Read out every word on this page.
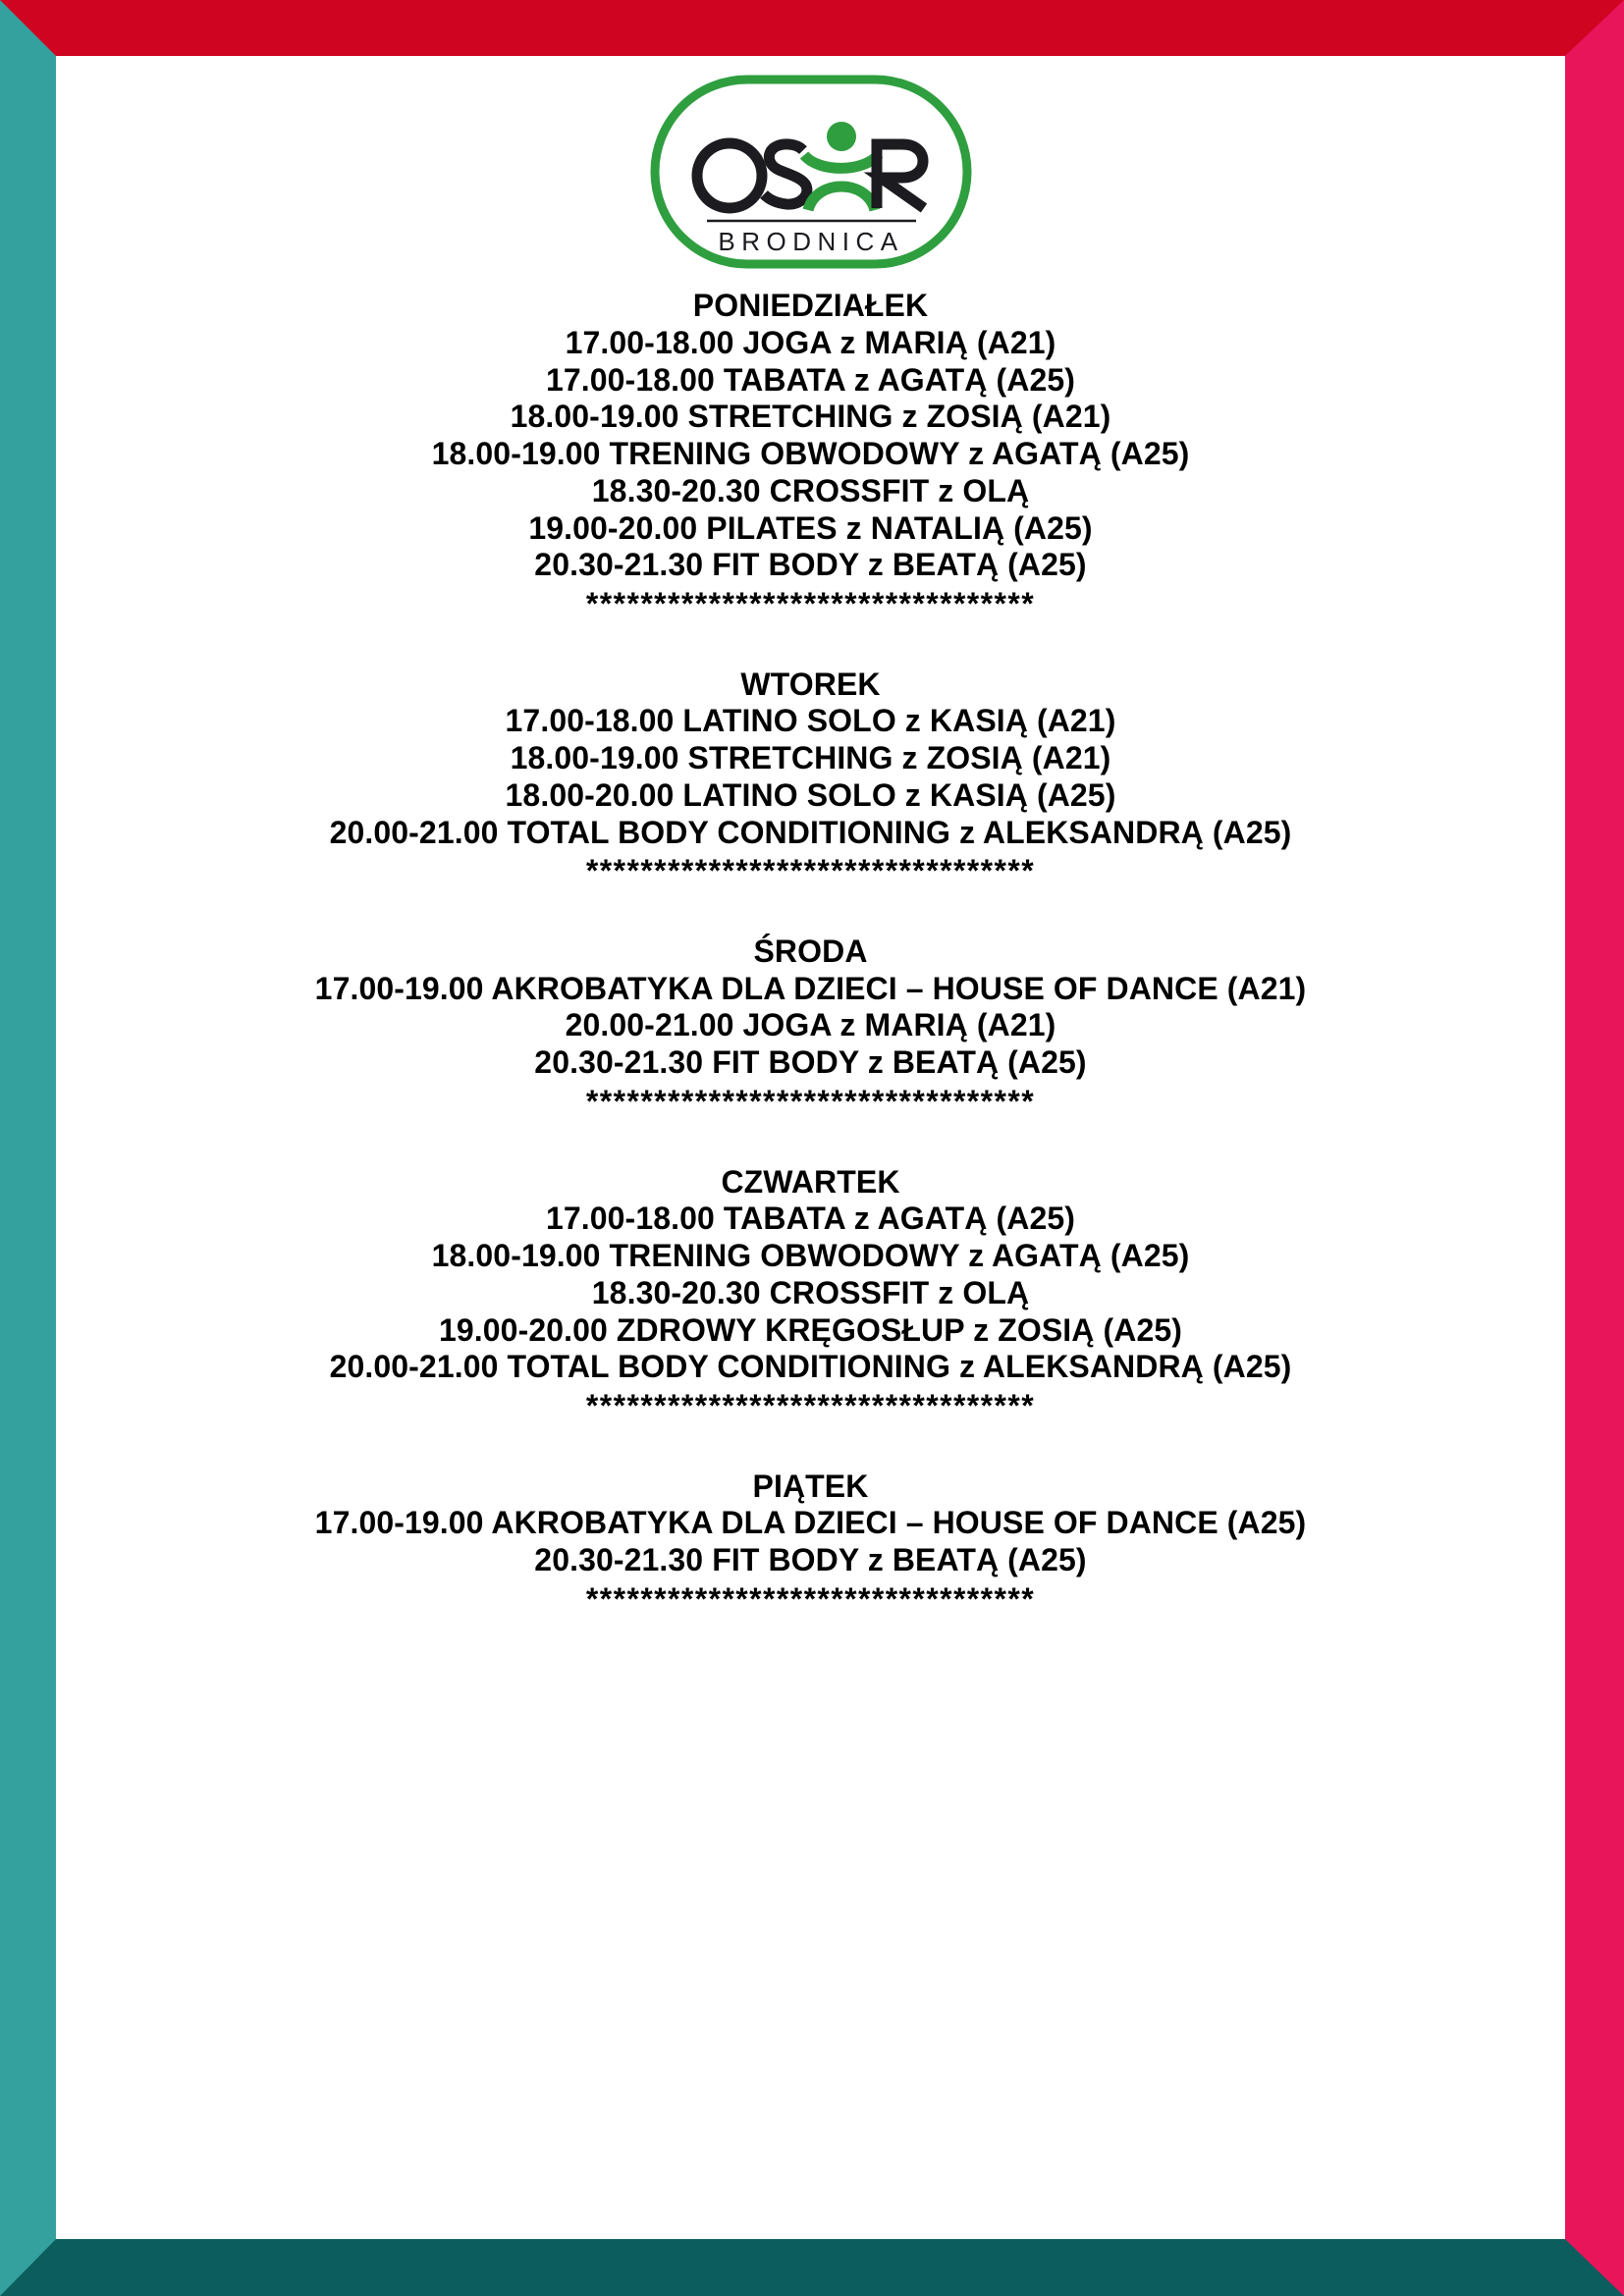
BRODNICA
PONIEDZIAŁEK
17.00-18.00 JOGA z MARIĄ (A21)
17.00-18.00 TABATA z AGATĄ (A25)
18.00-19.00 STRETCHING z ZOSIĄ (A21)
18.00-19.00 TRENING OBWODOWY z AGATĄ (A25)
18.30-20.30 CROSSFIT z OLĄ
19.00-20.00 PILATES z NATALIĄ (A25)
20.30-21.30 FIT BODY z BEATĄ (A25)
*********************************
WTOREK
17.00-18.00 LATINO SOLO z KASIĄ (A21)
18.00-19.00 STRETCHING z ZOSIĄ (A21)
18.00-20.00 LATINO SOLO z KASIĄ (A25)
20.00-21.00 TOTAL BODY CONDITIONING z ALEKSANDRĄ (A25)
*********************************
ŚRODA
17.00-19.00 AKROBATYKA DLA DZIECI – HOUSE OF DANCE (A21)
20.00-21.00 JOGA z MARIĄ (A21)
20.30-21.30 FIT BODY z BEATĄ (A25)
*********************************
CZWARTEK
17.00-18.00 TABATA z AGATĄ (A25)
18.00-19.00 TRENING OBWODOWY z AGATĄ (A25)
18.30-20.30 CROSSFIT z OLĄ
19.00-20.00 ZDROWY KRĘGOSŁUP z ZOSIĄ (A25)
20.00-21.00 TOTAL BODY CONDITIONING z ALEKSANDRĄ (A25)
*********************************
PIĄTEK
17.00-19.00 AKROBATYKA DLA DZIECI – HOUSE OF DANCE (A25)
20.30-21.30 FIT BODY z BEATĄ (A25)
*********************************
